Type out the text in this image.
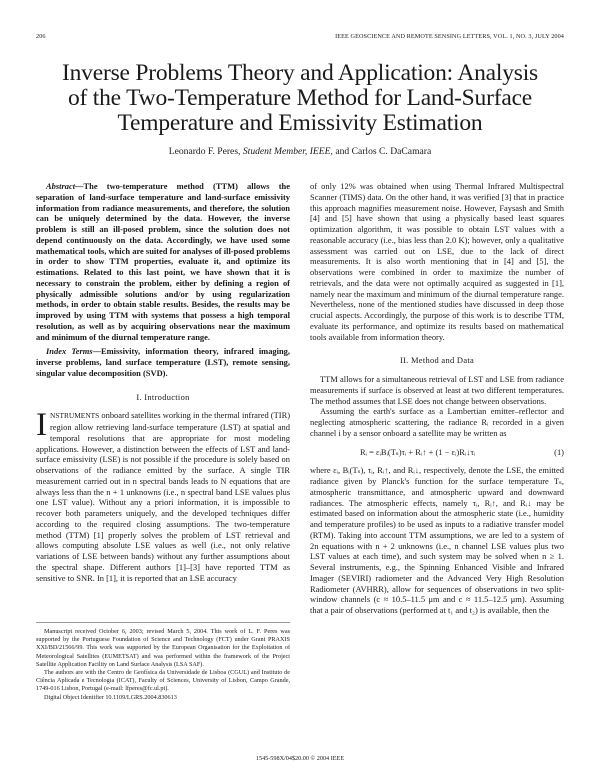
206	IEEE GEOSCIENCE AND REMOTE SENSING LETTERS, VOL. 1, NO. 3, JULY 2004
Inverse Problems Theory and Application: Analysis
of the Two-Temperature Method for Land-Surface
Temperature and Emissivity Estimation
Leonardo F. Peres, Student Member, IEEE, and Carlos C. DaCamara

Abstract—The two-temperature method (TTM) allows the separation of land-surface temperature and land-surface emissivity information from radiance measurements, and therefore, the solution can be uniquely determined by the data. However, the inverse problem is still an ill-posed problem, since the solution does not depend continuously on the data. Accordingly, we have used some mathematical tools, which are suited for analyses of ill-posed problems in order to show TTM properties, evaluate it, and optimize its estimations. Related to this last point, we have shown that it is necessary to constrain the problem, either by defining a region of physically admissible solutions and/or by using regularization methods, in order to obtain stable results. Besides, the results may be improved by using TTM with systems that possess a high temporal resolution, as well as by acquiring observations near the maximum and minimum of the diurnal temperature range.

Index Terms—Emissivity, information theory, infrared imaging, inverse problems, land surface temperature (LST), remote sensing, singular value decomposition (SVD).

I. Introduction

INSTRUMENTS onboard satellites working in the thermal infrared (TIR) region allow retrieving land-surface temperature (LST) at spatial and temporal resolutions that are appropriate for most modeling applications. However, a distinction between the effects of LST and land-surface emissivity (LSE) is not possible if the procedure is solely based on observations of the radiance emitted by the surface. A single TIR measurement carried out in n spectral bands leads to N equations that are always less than the n + 1 unknowns (i.e., n spectral band LSE values plus one LST value). Without any a priori information, it is impossible to recover both parameters uniquely, and the developed techniques differ according to the required closing assumptions. The two-temperature method (TTM) [1] properly solves the problem of LST retrieval and allows computing absolute LSE values as well (i.e., not only relative variations of LSE between bands) without any further assumptions about the spectral shape. Different authors [1]–[3] have reported TTM as sensitive to SNR. In [1], it is reported that an LSE accuracy

Manuscript received October 6, 2003; revised March 5, 2004. This work of L. F. Peres was supported by the Portuguese Foundation of Science and Technology (FCT) under Grant PRAXIS XXI/BD/21566/99. This work was supported by the European Organisation for the Exploitation of Meteorological Satellites (EUMETSAT) and was performed within the framework of the Project Satellite Application Facility on Land Surface Analysis (LSA SAF).

The authors are with the Centro de Geofísica da Universidade de Lisboa (CGUL) and Instituto de Ciência Aplicada e Tecnologia (ICAT), Faculty of Sciences, University of Lisbon, Campo Grande, 1749-016 Lisbon, Portugal (e-mail: lfperes@fc.ul.pt).

Digital Object Identifier 10.1109/LGRS.2004.830613

of only 12% was obtained when using Thermal Infrared Multispectral Scanner (TIMS) data. On the other hand, it was verified [3] that in practice this approach magnifies measurement noise. However, Faysash and Smith [4] and [5] have shown that using a physically based least squares optimization algorithm, it was possible to obtain LST values with a reasonable accuracy (i.e., bias less than 2.0 K); however, only a qualitative assessment was carried out on LSE, due to the lack of direct measurements. It is also worth mentioning that in [4] and [5], the observations were combined in order to maximize the number of retrievals, and the data were not optimally acquired as suggested in [1], namely near the maximum and minimum of the diurnal temperature range. Nevertheless, none of the mentioned studies have discussed in deep those crucial aspects. Accordingly, the purpose of this work is to describe TTM, evaluate its performance, and optimize its results based on mathematical tools available from information theory.

II. Method and Data

TTM allows for a simultaneous retrieval of LST and LSE from radiance measurements if surface is observed at least at two different temperatures. The method assumes that LSE does not change between observations.

Assuming the earth's surface as a Lambertian emitter–reflector and neglecting atmospheric scattering, the radiance Rᵢ recorded in a given channel i by a sensor onboard a satellite may be written as

Rᵢ = εᵢBᵢ(Tₛ)τᵢ + Rᵢ↑ + (1 − εᵢ)Rᵢ↓τᵢ	(1)

where εᵢ, Bᵢ(Tₛ), τᵢ, Rᵢ↑, and Rᵢ↓, respectively, denote the LSE, the emitted radiance given by Planck's function for the surface temperature Tₛ, atmospheric transmittance, and atmospheric upward and downward radiances. The atmospheric effects, namely τᵢ, Rᵢ↑, and Rᵢ↓ may be estimated based on information about the atmospheric state (i.e., humidity and temperature profiles) to be used as inputs to a radiative transfer model (RTM). Taking into account TTM assumptions, we are led to a system of 2n equations with n + 2 unknowns (i.e., n channel LSE values plus two LST values at each time), and such system may be solved when n ≥ 1. Several instruments, e.g., the Spinning Enhanced Visible and Infrared Imager (SEVIRI) radiometer and the Advanced Very High Resolution Radiometer (AVHRR), allow for sequences of observations in two split-window channels (c ≈ 10.5–11.5 μm and c ≈ 11.5–12.5 μm). Assuming that a pair of observations (performed at t₁ and t₂) is available, then the

1545-598X/04$20.00 © 2004 IEEE
